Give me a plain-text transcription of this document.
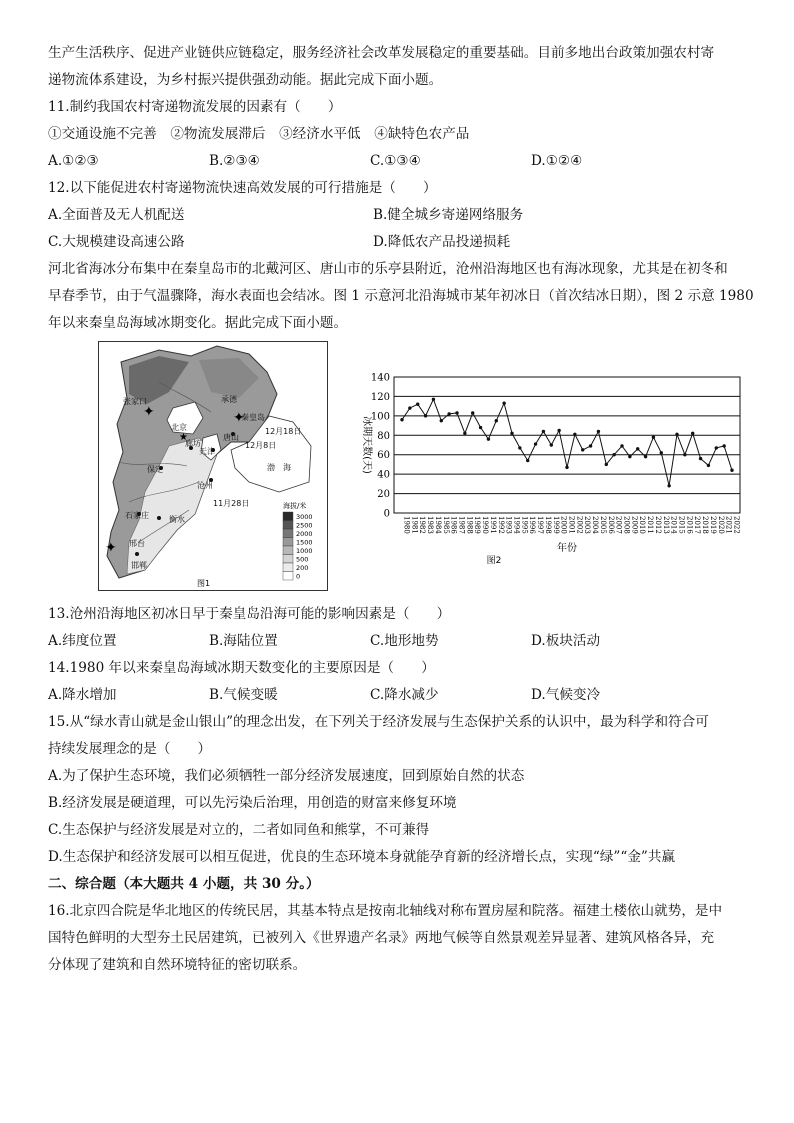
生产生活秩序、促进产业链供应链稳定，服务经济社会改革发展稳定的重要基础。目前多地出台政策加强农村寄

递物流体系建设，为乡村振兴提供强劲动能。据此完成下面小题。

11.制约我国农村寄递物流发展的因素有（　　）

①交通设施不完善　②物流发展滞后　③经济水平低　④缺特色农产品

A.①②③	B.②③④	C.①③④	D.①②④

12.以下能促进农村寄递物流快速高效发展的可行措施是（　　）

A.全面普及无人机配送	B.健全城乡寄递网络服务
C.大规模建设高速公路	D.降低农产品投递损耗

河北省海冰分布集中在秦皇岛市的北戴河区、唐山市的乐亭县附近，沧州沿海地区也有海冰现象，尤其是在初冬和

早春季节，由于气温骤降，海水表面也会结冰。图 1 示意河北沿海城市某年初冰日（首次结冰日期），图 2 示意 1980

年以来秦皇岛海域冰期变化。据此完成下面小题。

✦	✦
✦
★
张家口	承德
秦皇岛
北京
天津
唐山
12月18日
12月8日
渤　海
保定
沧州
廊坊
衡水
石家庄
邢台
邯郸
11月28日	海拔/米
3000
2500
2000
1500
1000
500
200
0
图1
0
20
40
60
80
100
120
140
冰期天数(天)
1980 1981 1982 1983 1984 1985 1986 1987 1988 1989 1990 1991 1992 1993 1994 1995 1996 1997 1998 1999 2000 2001 2002 2003 2004 2005 2006 2007 2008 2009 2010 2011 2012 2013 2014 2015 2016 2017 2018 2019 2020 2021 2022
年份
图2

13.沧州沿海地区初冰日早于秦皇岛沿海可能的影响因素是（　　）

A.纬度位置	B.海陆位置	C.地形地势	D.板块活动

14.1980 年以来秦皇岛海域冰期天数变化的主要原因是（　　）

A.降水增加	B.气候变暖	C.降水减少	D.气候变冷

15.从“绿水青山就是金山银山”的理念出发，在下列关于经济发展与生态保护关系的认识中，最为科学和符合可

持续发展理念的是（　　）

A.为了保护生态环境，我们必须牺牲一部分经济发展速度，回到原始自然的状态

B.经济发展是硬道理，可以先污染后治理，用创造的财富来修复环境

C.生态保护与经济发展是对立的，二者如同鱼和熊掌，不可兼得

D.生态保护和经济发展可以相互促进，优良的生态环境本身就能孕育新的经济增长点，实现“绿”“金”共赢

二、综合题（本大题共 4 小题，共 30 分。）

16.北京四合院是华北地区的传统民居，其基本特点是按南北轴线对称布置房屋和院落。福建土楼依山就势，是中

国特色鲜明的大型夯土民居建筑，已被列入《世界遗产名录》两地气候等自然景观差异显著、建筑风格各异，充

分体现了建筑和自然环境特征的密切联系。
